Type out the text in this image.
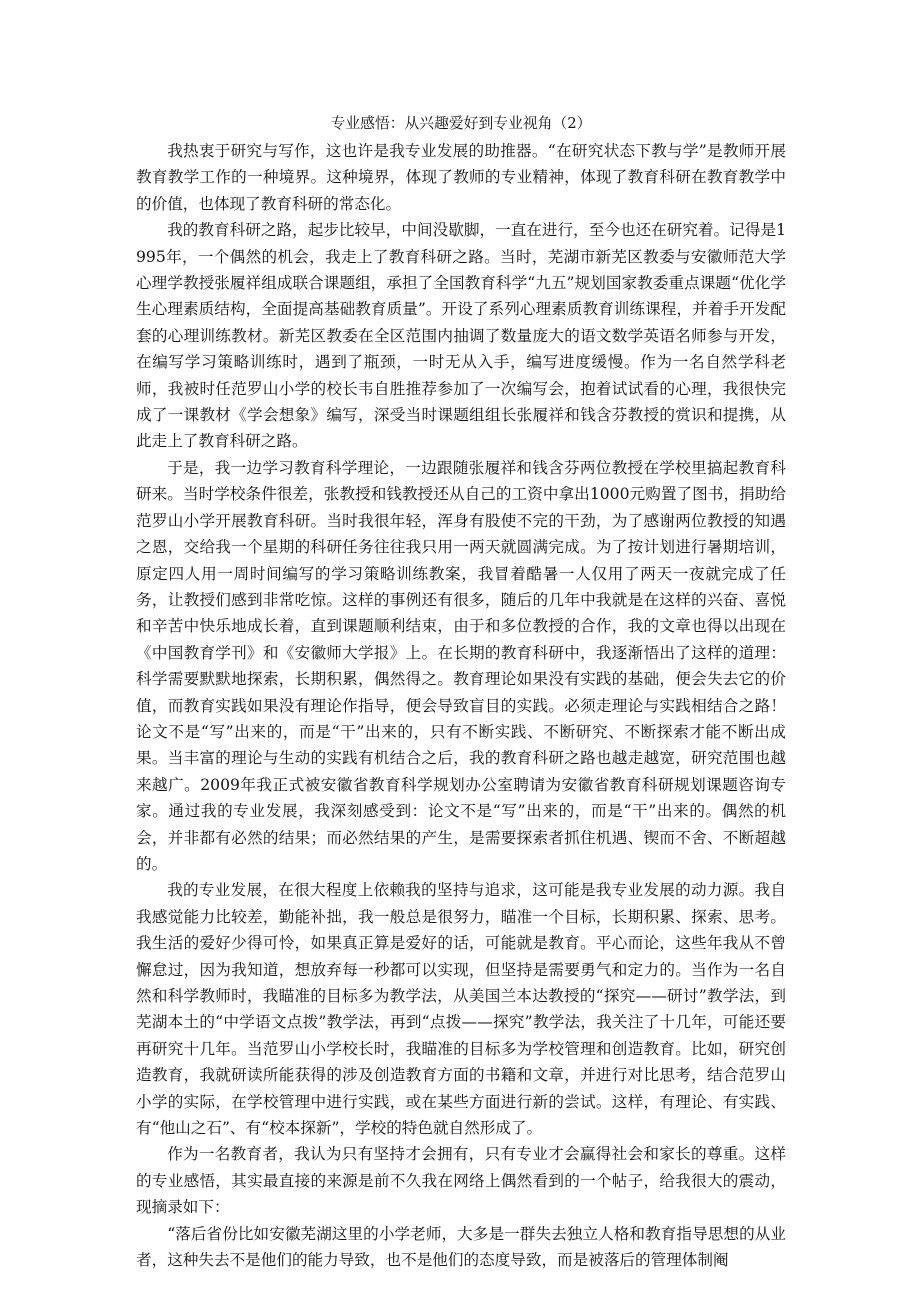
专业感悟：从兴趣爱好到专业视角（2）

我热衷于研究与写作，这也许是我专业发展的助推器。“在研究状态下教与学”是教师开展教育教学工作的一种境界。这种境界，体现了教师的专业精神，体现了教育科研在教育教学中的价值，也体现了教育科研的常态化。

我的教育科研之路，起步比较早，中间没歇脚，一直在进行，至今也还在研究着。记得是1995年，一个偶然的机会，我走上了教育科研之路。当时，芜湖市新芜区教委与安徽师范大学心理学教授张履祥组成联合课题组，承担了全国教育科学“九五”规划国家教委重点课题“优化学生心理素质结构，全面提高基础教育质量”。开设了系列心理素质教育训练课程，并着手开发配套的心理训练教材。新芜区教委在全区范围内抽调了数量庞大的语文数学英语名师参与开发，在编写学习策略训练时，遇到了瓶颈，一时无从入手，编写进度缓慢。作为一名自然学科老师，我被时任范罗山小学的校长韦自胜推荐参加了一次编写会，抱着试试看的心理，我很快完成了一课教材《学会想象》编写，深受当时课题组组长张履祥和钱含芬教授的赏识和提携，从此走上了教育科研之路。

于是，我一边学习教育科学理论，一边跟随张履祥和钱含芬两位教授在学校里搞起教育科研来。当时学校条件很差，张教授和钱教授还从自己的工资中拿出1000元购置了图书，捐助给范罗山小学开展教育科研。当时我很年轻，浑身有股使不完的干劲，为了感谢两位教授的知遇之恩，交给我一个星期的科研任务往往我只用一两天就圆满完成。为了按计划进行暑期培训，原定四人用一周时间编写的学习策略训练教案，我冒着酷暑一人仅用了两天一夜就完成了任务，让教授们感到非常吃惊。这样的事例还有很多，随后的几年中我就是在这样的兴奋、喜悦和辛苦中快乐地成长着，直到课题顺利结束，由于和多位教授的合作，我的文章也得以出现在《中国教育学刊》和《安徽师大学报》上。在长期的教育科研中，我逐渐悟出了这样的道理：科学需要默默地探索，长期积累，偶然得之。教育理论如果没有实践的基础，便会失去它的价值，而教育实践如果没有理论作指导，便会导致盲目的实践。必须走理论与实践相结合之路！论文不是“写”出来的，而是“干”出来的，只有不断实践、不断研究、不断探索才能不断出成果。当丰富的理论与生动的实践有机结合之后，我的教育科研之路也越走越宽，研究范围也越来越广。2009年我正式被安徽省教育科学规划办公室聘请为安徽省教育科研规划课题咨询专家。通过我的专业发展，我深刻感受到：论文不是“写”出来的，而是“干”出来的。偶然的机会，并非都有必然的结果；而必然结果的产生，是需要探索者抓住机遇、锲而不舍、不断超越的。

我的专业发展，在很大程度上依赖我的坚持与追求，这可能是我专业发展的动力源。我自我感觉能力比较差，勤能补拙，我一般总是很努力，瞄准一个目标，长期积累、探索、思考。我生活的爱好少得可怜，如果真正算是爱好的话，可能就是教育。平心而论，这些年我从不曾懈怠过，因为我知道，想放弃每一秒都可以实现，但坚持是需要勇气和定力的。当作为一名自然和科学教师时，我瞄准的目标多为教学法，从美国兰本达教授的“探究——研讨”教学法，到芜湖本土的“中学语文点拨”教学法，再到“点拨——探究”教学法，我关注了十几年，可能还要再研究十几年。当范罗山小学校长时，我瞄准的目标多为学校管理和创造教育。比如，研究创造教育，我就研读所能获得的涉及创造教育方面的书籍和文章，并进行对比思考，结合范罗山小学的实际，在学校管理中进行实践，或在某些方面进行新的尝试。这样，有理论、有实践、有“他山之石”、有“校本探新”，学校的特色就自然形成了。

作为一名教育者，我认为只有坚持才会拥有，只有专业才会赢得社会和家长的尊重。这样的专业感悟，其实最直接的来源是前不久我在网络上偶然看到的一个帖子，给我很大的震动，现摘录如下：

“落后省份比如安徽芜湖这里的小学老师，大多是一群失去独立人格和教育指导思想的从业者，这种失去不是他们的能力导致，也不是他们的态度导致，而是被落后的管理体制阉
